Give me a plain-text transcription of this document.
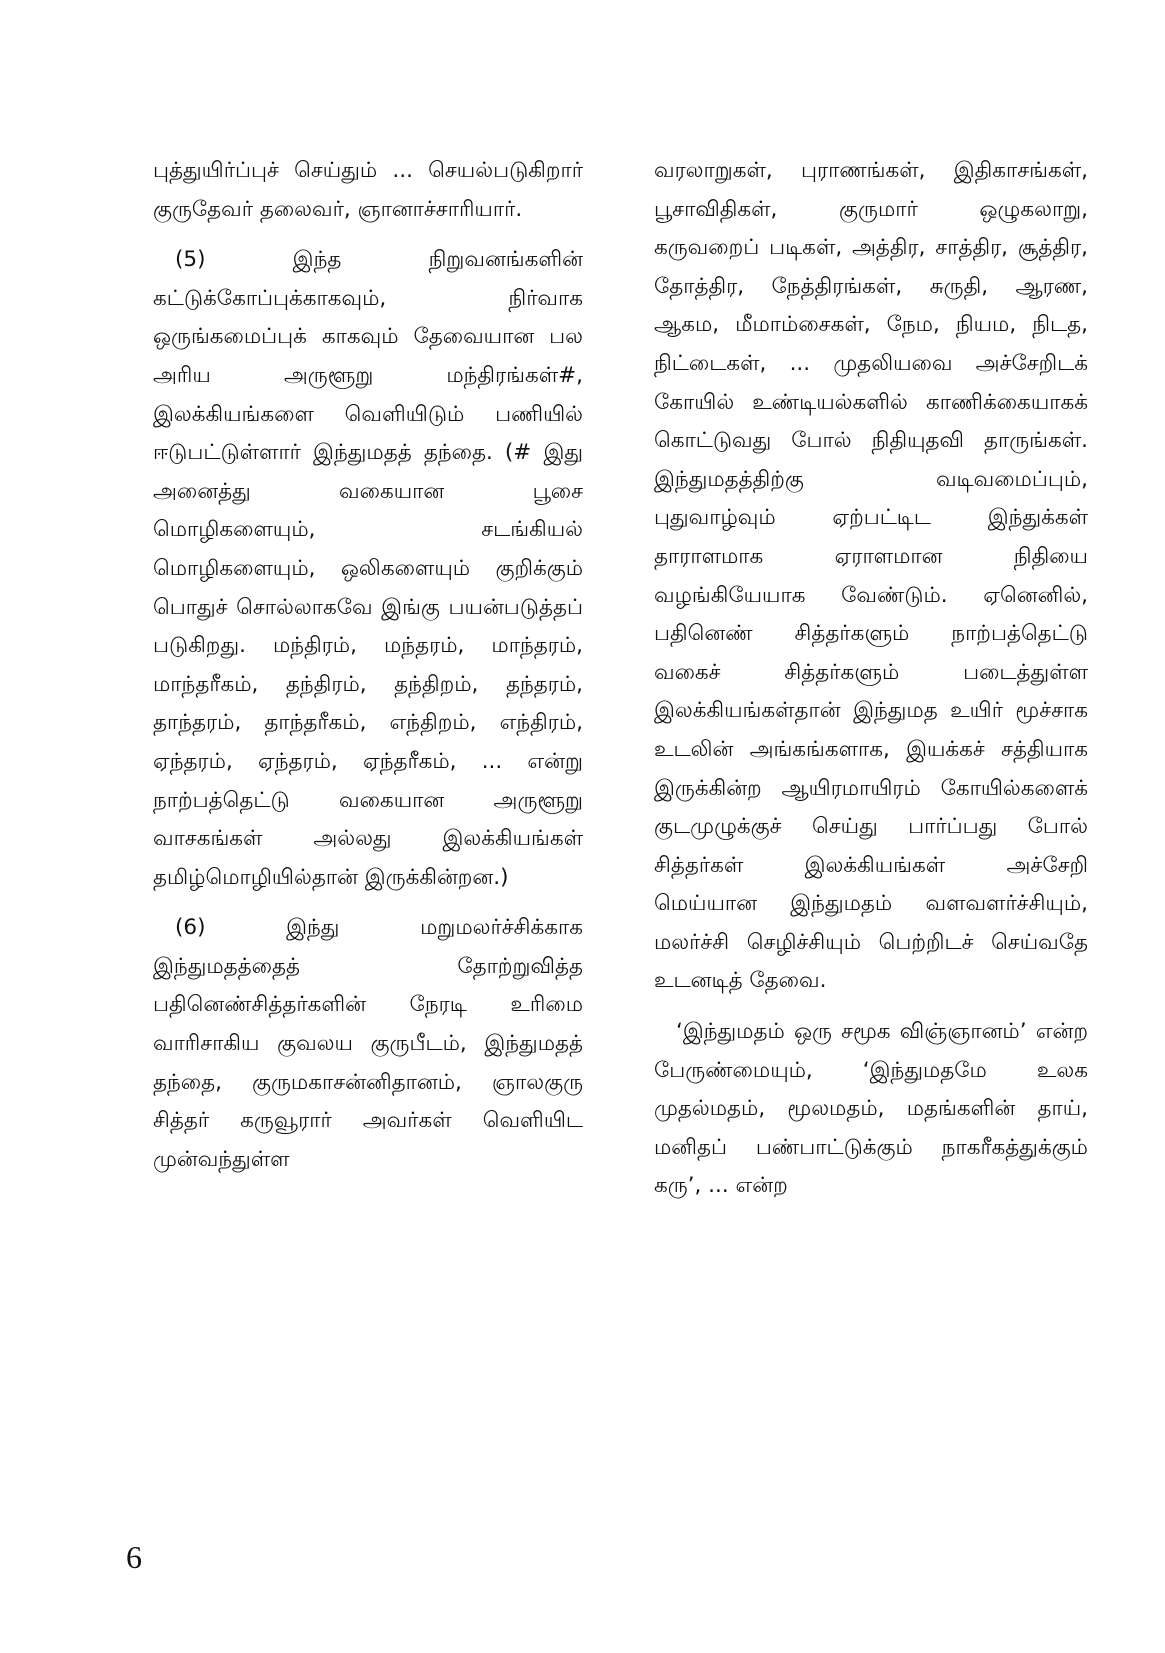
புத்துயிர்ப்புச் செய்தும் ... செயல்படுகிறார் குருதேவர் தலைவர், ஞானாச்சாரியார்.

(5) இந்த நிறுவனங்களின் கட்டுக்கோப்புக்காகவும், நிர்வாக ஒருங்கமைப்புக் காகவும் தேவையான பல அரிய அருளூறு மந்திரங்கள்#, இலக்கியங்களை வெளியிடும் பணியில் ஈடுபட்டுள்ளார் இந்துமதத் தந்தை. (# இது அனைத்து வகையான பூசை மொழிகளையும், சடங்கியல் மொழிகளையும், ஒலிகளையும் குறிக்கும் பொதுச் சொல்லாகவே இங்கு பயன்படுத்தப் படுகிறது. மந்திரம், மந்தரம், மாந்தரம், மாந்தரீகம், தந்திரம், தந்திறம், தந்தரம், தாந்தரம், தாந்தரீகம், எந்திறம், எந்திரம், ஏந்தரம், ஏந்தரம், ஏந்தரீகம், ... என்று நாற்பத்தெட்டு வகையான அருளூறு வாசகங்கள் அல்லது இலக்கியங்கள் தமிழ்மொழியில்தான் இருக்கின்றன.)

(6) இந்து மறுமலர்ச்சிக்காக இந்துமதத்தைத் தோற்றுவித்த பதினெண்சித்தர்களின் நேரடி உரிமை வாரிசாகிய குவலய குருபீடம், இந்துமதத் தந்தை, குருமகாசன்னிதானம், ஞாலகுரு சித்தர் கருவூரார் அவர்கள் வெளியிட முன்வந்துள்ள

வரலாறுகள், புராணங்கள், இதிகாசங்கள், பூசாவிதிகள், குருமார் ஒழுகலாறு, கருவறைப் படிகள், அத்திர, சாத்திர, சூத்திர, தோத்திர, நேத்திரங்கள், சுருதி, ஆரண, ஆகம, மீமாம்சைகள், நேம, நியம, நிடத, நிட்டைகள், ... முதலியவை அச்சேறிடக் கோயில் உண்டியல்களில் காணிக்கையாகக் கொட்டுவது போல் நிதியுதவி தாருங்கள். இந்துமதத்திற்கு வடிவமைப்பும், புதுவாழ்வும் ஏற்பட்டிட இந்துக்கள் தாராளமாக ஏராளமான நிதியை வழங்கியேயாக வேண்டும். ஏனெனில், பதினெண் சித்தர்களும் நாற்பத்தெட்டு வகைச் சித்தர்களும் படைத்துள்ள இலக்கியங்கள்தான் இந்துமத உயிர் மூச்சாக உடலின் அங்கங்களாக, இயக்கச் சத்தியாக இருக்கின்ற ஆயிரமாயிரம் கோயில்களைக் குடமுழுக்குச் செய்து பார்ப்பது போல் சித்தர்கள் இலக்கியங்கள் அச்சேறி மெய்யான இந்துமதம் வளவளர்ச்சியும், மலர்ச்சி செழிச்சியும் பெற்றிடச் செய்வதே உடனடித் தேவை.

‘இந்துமதம் ஒரு சமூக விஞ்ஞானம்’ என்ற பேருண்மையும், ‘இந்துமதமே உலக முதல்மதம், மூலமதம், மதங்களின் தாய், மனிதப் பண்பாட்டுக்கும் நாகரீகத்துக்கும் கரு’, ... என்ற

6
